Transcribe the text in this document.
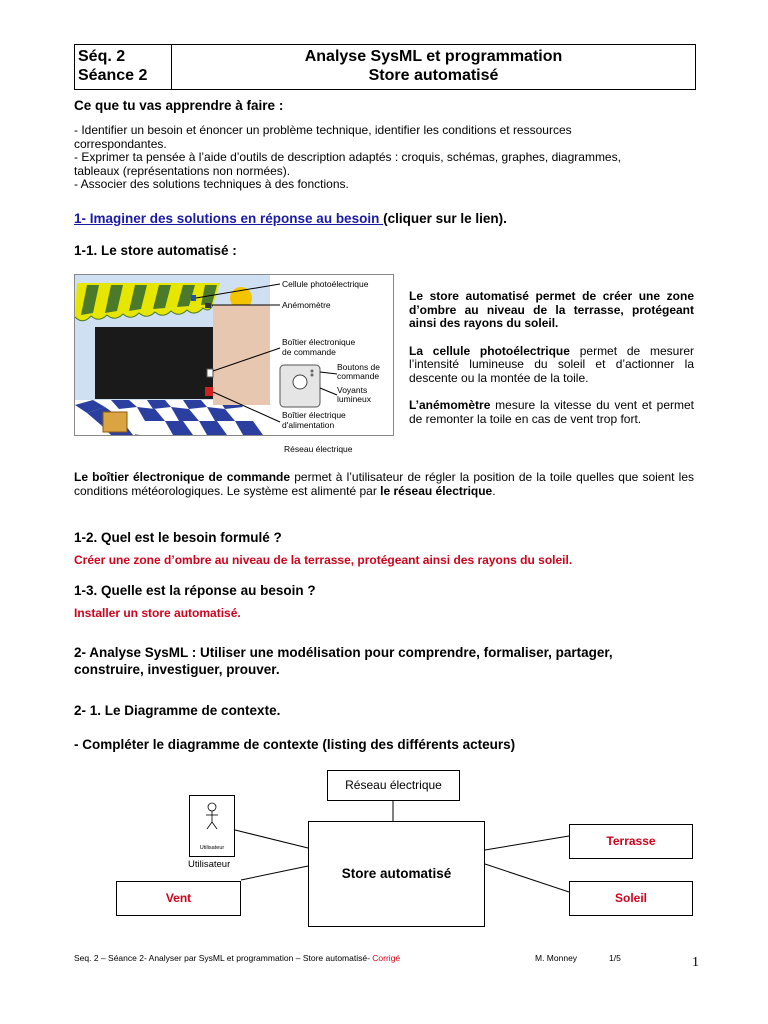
Séq. 2
Séance 2
Analyse SysML et programmation
Store automatisé
Ce que tu vas apprendre à faire :
- Identifier un besoin et énoncer un problème technique, identifier les conditions et ressources
correspondantes.
- Exprimer ta pensée à l’aide d’outils de description adaptés : croquis, schémas, graphes, diagrammes,
tableaux (représentations non normées).
- Associer des solutions techniques à des fonctions.
1- Imaginer des solutions en réponse au besoin (cliquer sur le lien).
1-1. Le store automatisé :
Cellule photoélectrique
Anémomètre
Boîtier électronique
de commande
Boutons de
commande
Voyants
lumineux
Boîtier électrique
d'alimentation
Réseau électrique
Le store automatisé permet de créer une zone d’ombre au niveau de la terrasse, protégeant ainsi des rayons du soleil.
La cellule photoélectrique permet de mesurer l’intensité lumineuse du soleil et d’actionner la descente ou la montée de la toile.
L’anémomètre mesure la vitesse du vent et permet de remonter la toile en cas de vent trop fort.
Le boîtier électronique de commande permet à l’utilisateur de régler la position de la toile quelles que soient les conditions météorologiques. Le système est alimenté par le réseau électrique.
1-2. Quel est le besoin formulé ?
Créer une zone d’ombre au niveau de la terrasse, protégeant ainsi des rayons du soleil.
1-3. Quelle est la réponse au besoin ?
Installer un store automatisé.
2- Analyse SysML : Utiliser une modélisation pour comprendre, formaliser, partager,
construire, investiguer, prouver.
2- 1. Le Diagramme de contexte.
- Compléter le diagramme de contexte (listing des différents acteurs)
Réseau électrique
Utilisateur
Utilisateur
Store automatisé
Vent
Terrasse
Soleil
Seq. 2 – Séance 2- Analyser par SysML et programmation – Store automatisé- Corrigé	M. Monney	1/5	1
